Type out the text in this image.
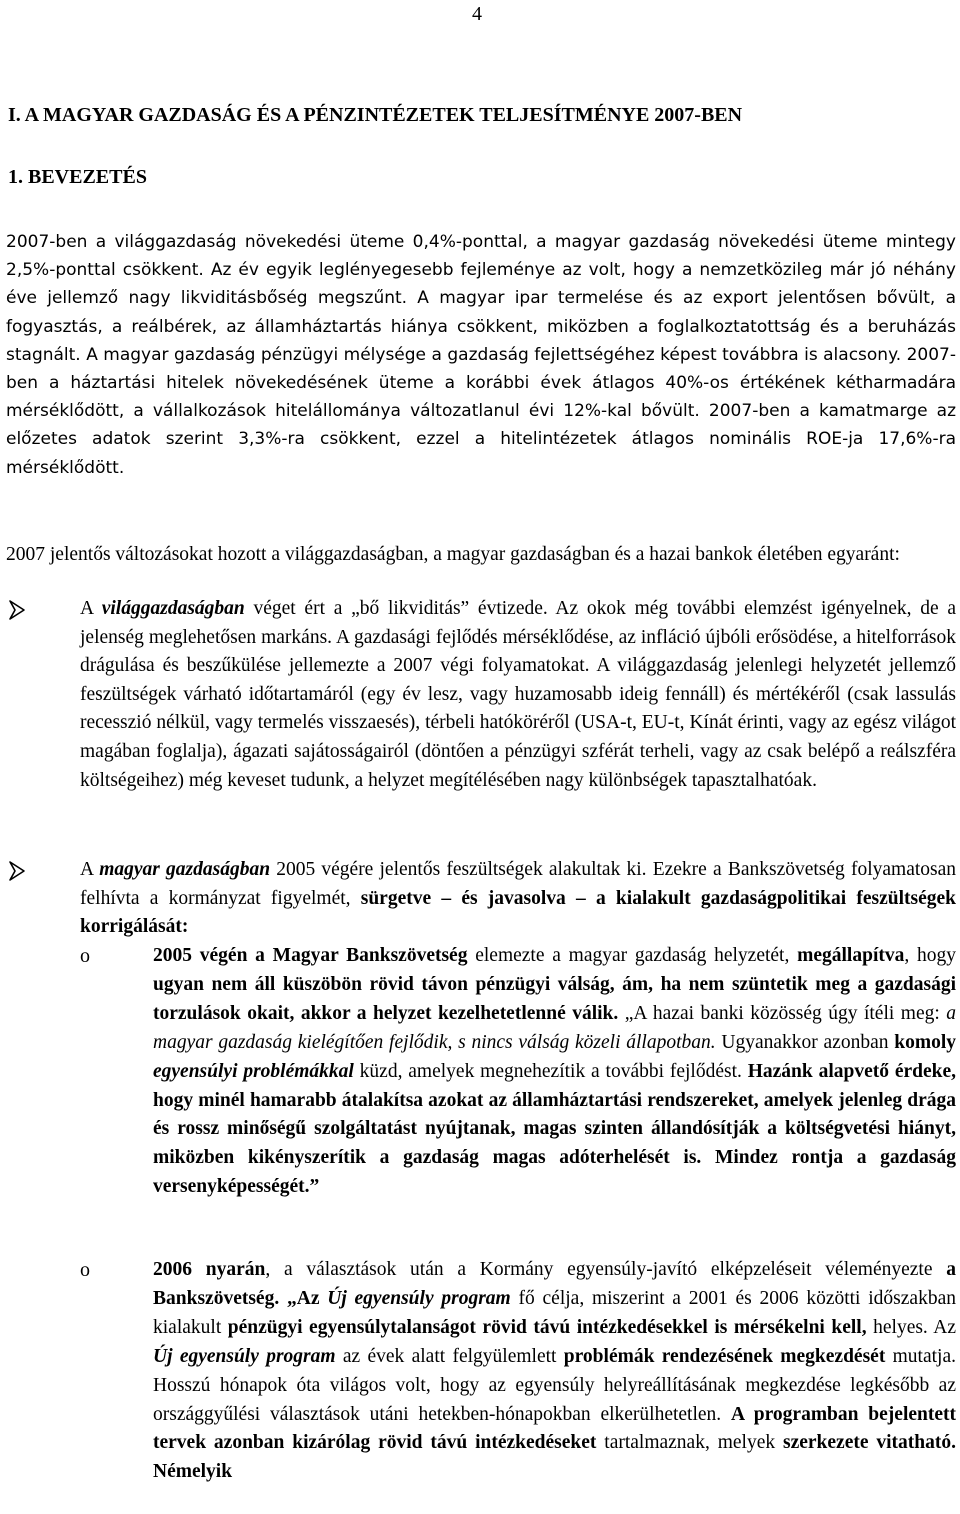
4
I. A MAGYAR GAZDASÁG ÉS A PÉNZINTÉZETEK TELJESÍTMÉNYE 2007-BEN
1. BEVEZETÉS

2007-ben a világgazdaság növekedési üteme 0,4%-ponttal, a magyar gazdaság növekedési üteme mintegy 2,5%-ponttal csökkent. Az év egyik leglényegesebb fejleménye az volt, hogy a nemzetközileg már jó néhány éve jellemző nagy likviditásbőség megszűnt. A magyar ipar termelése és az export jelentősen bővült, a fogyasztás, a reálbérek, az államháztartás hiánya csökkent, miközben a foglalkoztatottság és a beruházás stagnált. A magyar gazdaság pénzügyi mélysége a gazdaság fejlettségéhez képest továbbra is alacsony. 2007-ben a háztartási hitelek növekedésének üteme a korábbi évek átlagos 40%-os értékének kétharmadára mérséklődött, a vállalkozások hitelállománya változatlanul évi 12%-kal bővült. 2007-ben a kamatmarge az előzetes adatok szerint 3,3%-ra csökkent, ezzel a hitelintézetek átlagos nominális ROE-ja 17,6%-ra mérséklődött.

2007 jelentős változásokat hozott a világgazdaságban, a magyar gazdaságban és a hazai bankok életében egyaránt:

A világgazdaságban véget ért a „bő likviditás” évtizede. Az okok még további elemzést igényelnek, de a jelenség meglehetősen markáns. A gazdasági fejlődés mérséklődése, az infláció újbóli erősödése, a hitelforrások drágulása és beszűkülése jellemezte a 2007 végi folyamatokat. A világgazdaság jelenlegi helyzetét jellemző feszültségek várható időtartamáról (egy év lesz, vagy huzamosabb ideig fennáll) és mértékéről (csak lassulás recesszió nélkül, vagy termelés visszaesés), térbeli hatóköréről (USA-t, EU-t, Kínát érinti, vagy az egész világot magában foglalja), ágazati sajátosságairól (döntően a pénzügyi szférát terheli, vagy az csak belépő a reálszféra költségeihez) még keveset tudunk, a helyzet megítélésében nagy különbségek tapasztalhatóak.

A magyar gazdaságban 2005 végére jelentős feszültségek alakultak ki. Ezekre a Bankszövetség folyamatosan felhívta a kormányzat figyelmét, sürgetve – és javasolva – a kialakult gazdaságpolitikai feszültségek korrigálását:

o	2005 végén a Magyar Bankszövetség elemezte a magyar gazdaság helyzetét, megállapítva, hogy ugyan nem áll küszöbön rövid távon pénzügyi válság, ám, ha nem szüntetik meg a gazdasági torzulások okait, akkor a helyzet kezelhetetlenné válik. „A hazai banki közösség úgy ítéli meg: a magyar gazdaság kielégítően fejlődik, s nincs válság közeli állapotban. Ugyanakkor azonban komoly egyensúlyi problémákkal küzd, amelyek megnehezítik a további fejlődést. Hazánk alapvető érdeke, hogy minél hamarabb átalakítsa azokat az államháztartási rendszereket, amelyek jelenleg drága és rossz minőségű szolgáltatást nyújtanak, magas szinten állandósítják a költségvetési hiányt, miközben kikényszerítik a gazdaság magas adóterhelését is. Mindez rontja a gazdaság versenyképességét.”

o	2006 nyarán, a választások után a Kormány egyensúly-javító elképzeléseit véleményezte a Bankszövetség. „Az Új egyensúly program fő célja, miszerint a 2001 és 2006 közötti időszakban kialakult pénzügyi egyensúlytalanságot rövid távú intézkedésekkel is mérsékelni kell, helyes. Az Új egyensúly program az évek alatt felgyülemlett problémák rendezésének megkezdését mutatja. Hosszú hónapok óta világos volt, hogy az egyensúly helyreállításának megkezdése legkésőbb az országgyűlési választások utáni hetekben-hónapokban elkerülhetetlen. A programban bejelentett tervek azonban kizárólag rövid távú intézkedéseket tartalmaznak, melyek szerkezete vitatható. Némelyik
